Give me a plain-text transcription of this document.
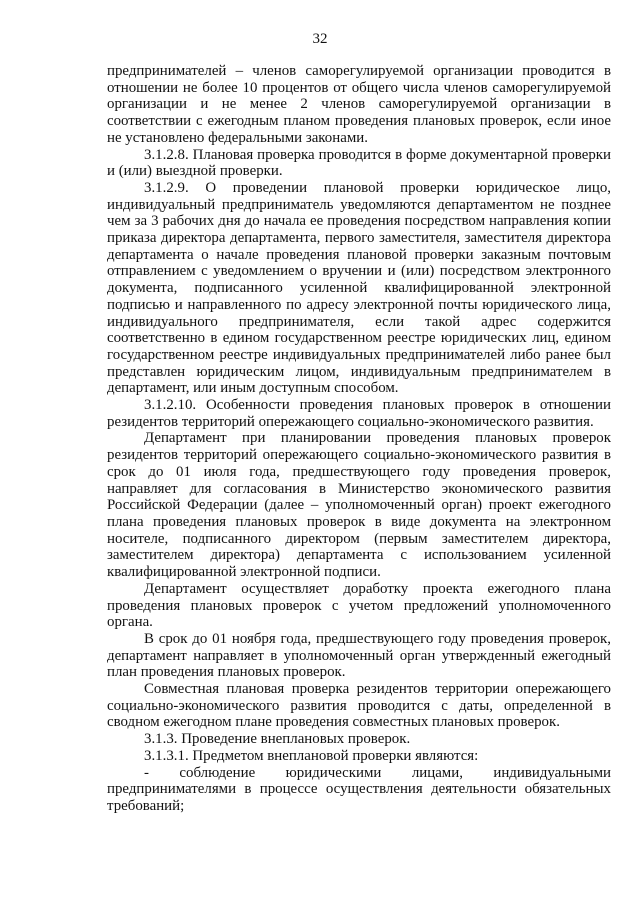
32

предпринимателей – членов саморегулируемой организации проводится в отношении не более 10 процентов от общего числа членов саморегулируемой организации и не менее 2 членов саморегулируемой организации в соответствии с ежегодным планом проведения плановых проверок, если иное не установлено федеральными законами.

3.1.2.8. Плановая проверка проводится в форме документарной проверки и (или) выездной проверки.

3.1.2.9. О проведении плановой проверки юридическое лицо, индивидуальный предприниматель уведомляются департаментом не позднее чем за 3 рабочих дня до начала ее проведения посредством направления копии приказа директора департамента, первого заместителя, заместителя директора департамента о начале проведения плановой проверки заказным почтовым отправлением с уведомлением о вручении и (или) посредством электронного документа, подписанного усиленной квалифицированной электронной подписью и направленного по адресу электронной почты юридического лица, индивидуального предпринимателя, если такой адрес содержится соответственно в едином государственном реестре юридических лиц, едином государственном реестре индивидуальных предпринимателей либо ранее был представлен юридическим лицом, индивидуальным предпринимателем в департамент, или иным доступным способом.

3.1.2.10. Особенности проведения плановых проверок в отношении резидентов территорий опережающего социально-экономического развития.

Департамент при планировании проведения плановых проверок резидентов территорий опережающего социально-экономического развития в срок до 01 июля года, предшествующего году проведения проверок, направляет для согласования в Министерство экономического развития Российской Федерации (далее – уполномоченный орган) проект ежегодного плана проведения плановых проверок в виде документа на электронном носителе, подписанного директором (первым заместителем директора, заместителем директора) департамента с использованием усиленной квалифицированной электронной подписи.

Департамент осуществляет доработку проекта ежегодного плана проведения плановых проверок с учетом предложений уполномоченного органа.

В срок до 01 ноября года, предшествующего году проведения проверок, департамент направляет в уполномоченный орган утвержденный ежегодный план проведения плановых проверок.

Совместная плановая проверка резидентов территории опережающего социально-экономического развития проводится с даты, определенной в сводном ежегодном плане проведения совместных плановых проверок.

3.1.3. Проведение внеплановых проверок.

3.1.3.1. Предметом внеплановой проверки являются:

- соблюдение юридическими лицами, индивидуальными предпринимателями в процессе осуществления деятельности обязательных требований;
